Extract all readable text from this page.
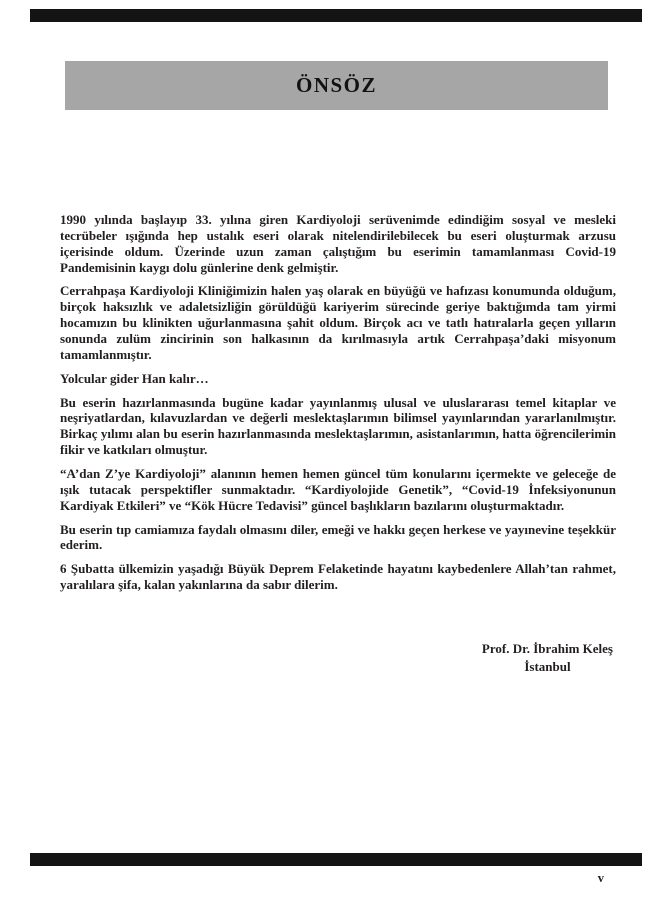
ÖNSÖZ

1990 yılında başlayıp 33. yılına giren Kardiyoloji serüvenimde edindiğim sosyal ve mesleki tecrübeler ışığında hep ustalık eseri olarak nitelendirilebilecek bu eseri oluşturmak arzusu içerisinde oldum. Üzerinde uzun zaman çalıştığım bu eserimin tamamlanması Covid-19 Pandemisinin kaygı dolu günlerine denk gelmiştir.

Cerrahpaşa Kardiyoloji Kliniğimizin halen yaş olarak en büyüğü ve hafızası konumunda olduğum, birçok haksızlık ve adaletsizliğin görüldüğü kariyerim sürecinde geriye baktığımda tam yirmi hocamızın bu klinikten uğurlanmasına şahit oldum. Birçok acı ve tatlı hatıralarla geçen yılların sonunda zulüm zincirinin son halkasının da kırılmasıyla artık Cerrahpaşa’daki misyonum tamamlanmıştır.

Yolcular gider Han kalır…

Bu eserin hazırlanmasında bugüne kadar yayınlanmış ulusal ve uluslararası temel kitaplar ve neşriyatlardan, kılavuzlardan ve değerli meslektaşlarımın bilimsel yayınlarından yararlanılmıştır. Birkaç yılımı alan bu eserin hazırlanmasında meslektaşlarımın, asistanlarımın, hatta öğrencilerimin fikir ve katkıları olmuştur.

“A’dan Z’ye Kardiyoloji” alanının hemen hemen güncel tüm konularını içermekte ve geleceğe de ışık tutacak perspektifler sunmaktadır. “Kardiyolojide Genetik”, “Covid-19 İnfeksiyonunun Kardiyak Etkileri” ve “Kök Hücre Tedavisi” güncel başlıkların bazılarını oluşturmaktadır.

Bu eserin tıp camiamıza faydalı olmasını diler, emeği ve hakkı geçen herkese ve yayınevine teşekkür ederim.

6 Şubatta ülkemizin yaşadığı Büyük Deprem Felaketinde hayatını kaybedenlere Allah’tan rahmet, yaralılara şifa, kalan yakınlarına da sabır dilerim.

Prof. Dr. İbrahim Keleş
İstanbul
v
